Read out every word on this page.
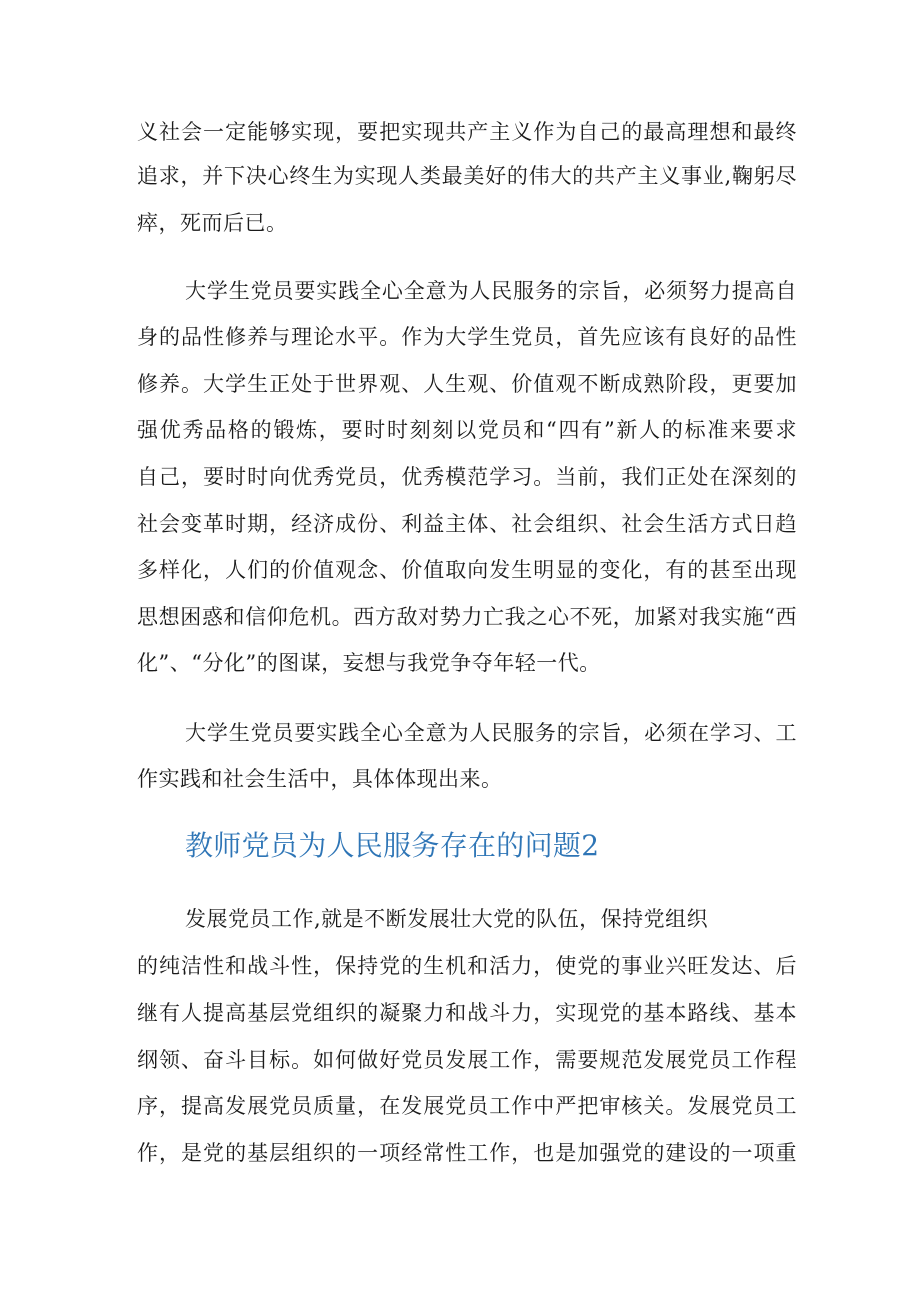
义社会一定能够实现，要把实现共产主义作为自己的最高理想和最终
追求，并下决心终生为实现人类最美好的伟大的共产主义事业,鞠躬尽
瘁，死而后已。
大学生党员要实践全心全意为人民服务的宗旨，必须努力提高自
身的品性修养与理论水平。作为大学生党员，首先应该有良好的品性
修养。大学生正处于世界观、人生观、价值观不断成熟阶段，更要加
强优秀品格的锻炼，要时时刻刻以党员和“四有”新人的标准来要求
自己，要时时向优秀党员，优秀模范学习。当前，我们正处在深刻的
社会变革时期，经济成份、利益主体、社会组织、社会生活方式日趋
多样化，人们的价值观念、价值取向发生明显的变化，有的甚至出现
思想困惑和信仰危机。西方敌对势力亡我之心不死，加紧对我实施“西
化”、“分化”的图谋，妄想与我党争夺年轻一代。
大学生党员要实践全心全意为人民服务的宗旨，必须在学习、工
作实践和社会生活中，具体体现出来。
教师党员为人民服务存在的问题2
发展党员工作,就是不断发展壮大党的队伍，保持党组织
的纯洁性和战斗性，保持党的生机和活力，使党的事业兴旺发达、后
继有人提高基层党组织的凝聚力和战斗力，实现党的基本路线、基本
纲领、奋斗目标。如何做好党员发展工作，需要规范发展党员工作程
序，提高发展党员质量，在发展党员工作中严把审核关。发展党员工
作，是党的基层组织的一项经常性工作，也是加强党的建设的一项重
